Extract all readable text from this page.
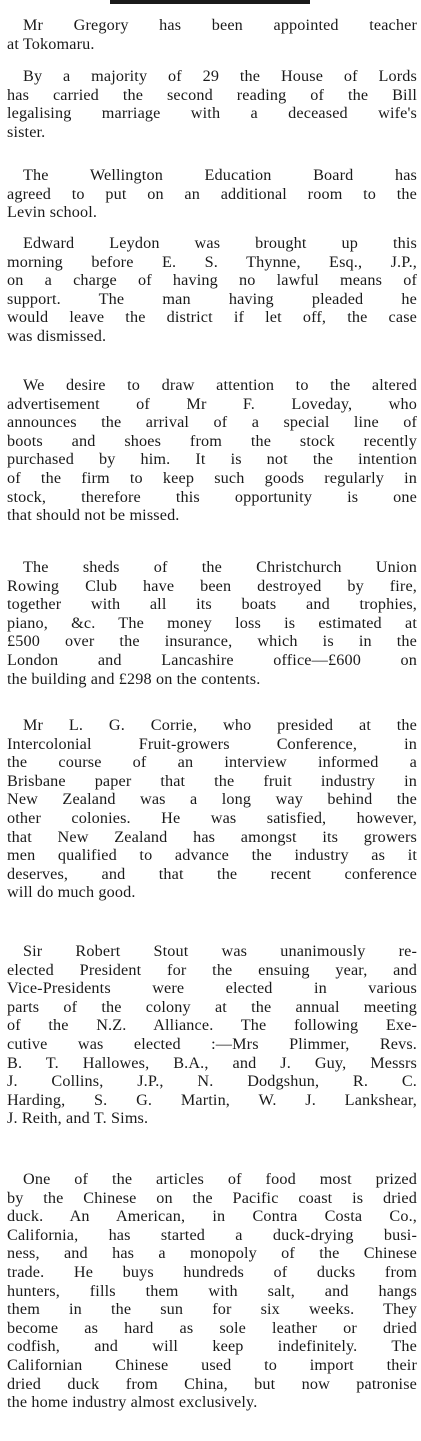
Mr Gregory has been appointed teacher
at Tokomaru.
By a majority of 29 the House of Lords
has carried the second reading of the Bill
legalising marriage with a deceased wife's
sister.
The Wellington Education Board has
agreed to put on an additional room to the
Levin school.
Edward Leydon was brought up this
morning before E. S. Thynne, Esq., J.P.,
on a charge of having no lawful means of
support. The man having pleaded he
would leave the district if let off, the case
was dismissed.
We desire to draw attention to the altered
advertisement of Mr F. Loveday, who
announces the arrival of a special line of
boots and shoes from the stock recently
purchased by him. It is not the intention
of the firm to keep such goods regularly in
stock, therefore this opportunity is one
that should not be missed.
The sheds of the Christchurch Union
Rowing Club have been destroyed by fire,
together with all its boats and trophies,
piano, &c. The money loss is estimated at
£500 over the insurance, which is in the
London and Lancashire office—£600 on
the building and £298 on the contents.
Mr L. G. Corrie, who presided at the
Intercolonial Fruit-growers Conference, in
the course of an interview informed a
Brisbane paper that the fruit industry in
New Zealand was a long way behind the
other colonies. He was satisfied, however,
that New Zealand has amongst its growers
men qualified to advance the industry as it
deserves, and that the recent conference
will do much good.
Sir Robert Stout was unanimously re-
elected President for the ensuing year, and
Vice-Presidents were elected in various
parts of the colony at the annual meeting
of the N.Z. Alliance. The following Exe-
cutive was elected :—Mrs Plimmer, Revs.
B. T. Hallowes, B.A., and J. Guy, Messrs
J. Collins, J.P., N. Dodgshun, R. C.
Harding, S. G. Martin, W. J. Lankshear,
J. Reith, and T. Sims.
One of the articles of food most prized
by the Chinese on the Pacific coast is dried
duck. An American, in Contra Costa Co.,
California, has started a duck-drying busi-
ness, and has a monopoly of the Chinese
trade. He buys hundreds of ducks from
hunters, fills them with salt, and hangs
them in the sun for six weeks. They
become as hard as sole leather or dried
codfish, and will keep indefinitely. The
Californian Chinese used to import their
dried duck from China, but now patronise
the home industry almost exclusively.
